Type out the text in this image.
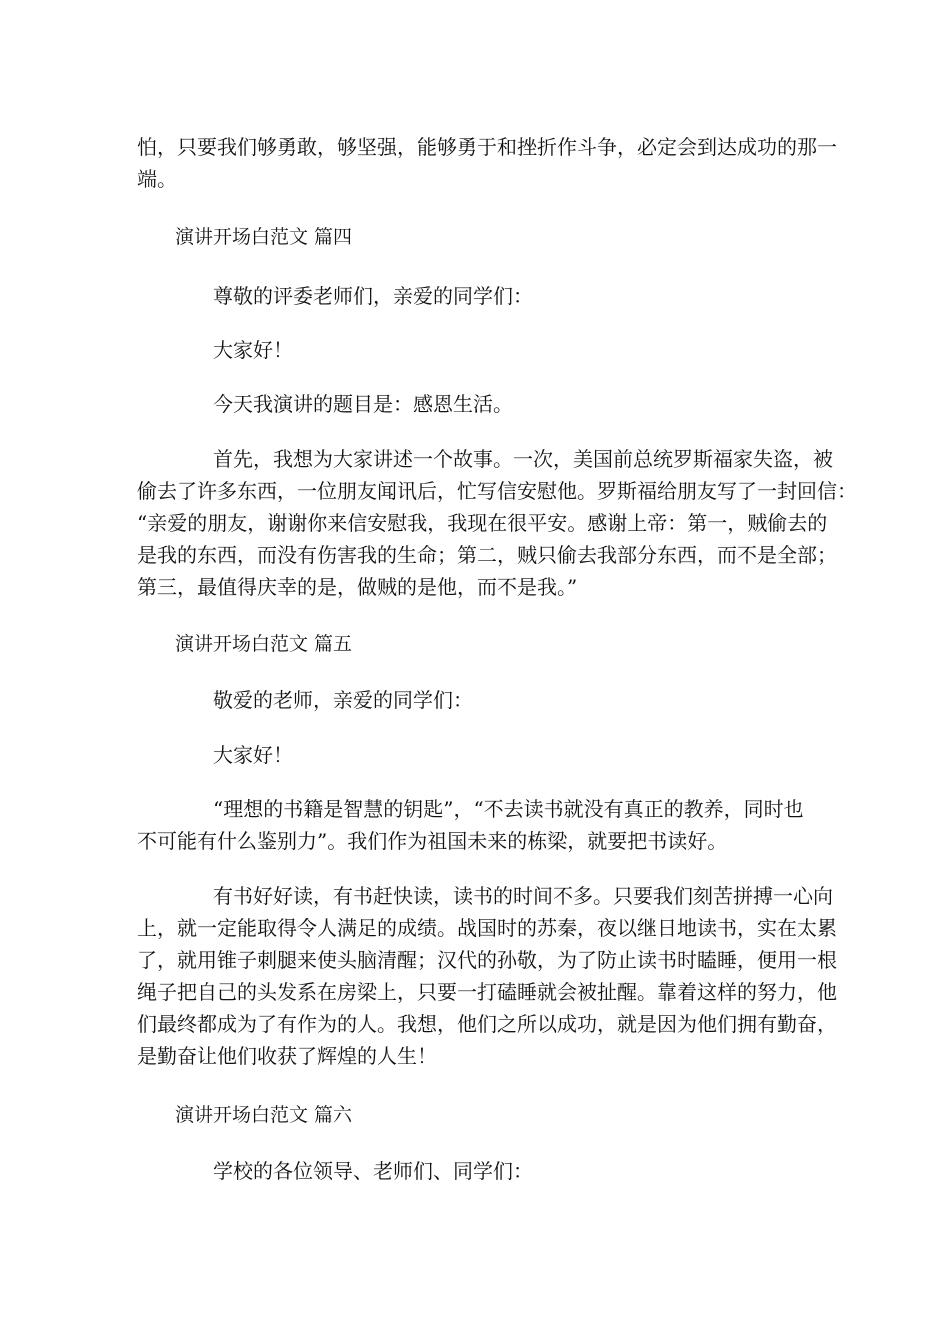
怕，只要我们够勇敢，够坚强，能够勇于和挫折作斗争，必定会到达成功的那一

端。

演讲开场白范文 篇四

尊敬的评委老师们，亲爱的同学们：

大家好！

今天我演讲的题目是：感恩生活。

首先，我想为大家讲述一个故事。一次，美国前总统罗斯福家失盗，被

偷去了许多东西，一位朋友闻讯后，忙写信安慰他。罗斯福给朋友写了一封回信：

“亲爱的朋友，谢谢你来信安慰我，我现在很平安。感谢上帝：第一，贼偷去的

是我的东西，而没有伤害我的生命；第二，贼只偷去我部分东西，而不是全部；

第三，最值得庆幸的是，做贼的是他，而不是我。”

演讲开场白范文 篇五

敬爱的老师，亲爱的同学们：

大家好！

“理想的书籍是智慧的钥匙”，“不去读书就没有真正的教养，同时也

不可能有什么鉴别力”。我们作为祖国未来的栋梁，就要把书读好。

有书好好读，有书赶快读，读书的时间不多。只要我们刻苦拼搏一心向

上，就一定能取得令人满足的成绩。战国时的苏秦，夜以继日地读书，实在太累

了，就用锥子刺腿来使头脑清醒；汉代的孙敬，为了防止读书时瞌睡，便用一根

绳子把自己的头发系在房梁上，只要一打磕睡就会被扯醒。靠着这样的努力，他

们最终都成为了有作为的人。我想，他们之所以成功，就是因为他们拥有勤奋，

是勤奋让他们收获了辉煌的人生！

演讲开场白范文 篇六

学校的各位领导、老师们、同学们：
